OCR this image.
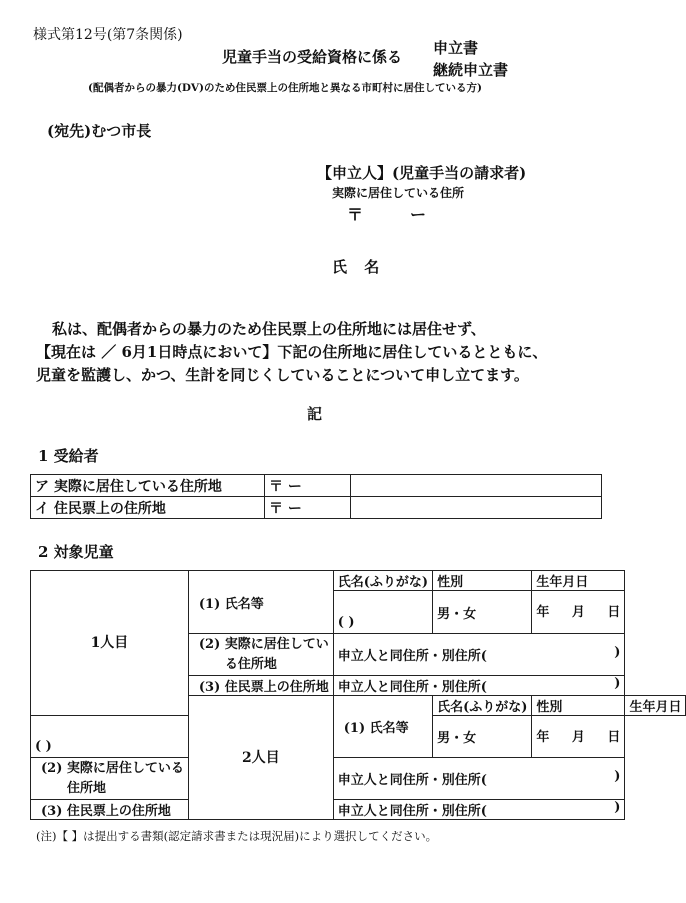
様式第12号(第7条関係)
児童手当の受給資格に係る 申立書
継続申立書
(配偶者からの暴力(DV)のため住民票上の住所地と異なる市町村に居住している方)
(宛先)むつ市長
【申立人】(児童手当の請求者)
実際に居住している住所
〒	ー
氏 名
私は、配偶者からの暴力のため住民票上の住所地には居住せず、
【現在は ／ 6月1日時点において】下記の住所地に居住しているとともに、
児童を監護し、かつ、生計を同じくしていることについて申し立てます。
記
1 受給者
ア 実際に居住している住所地	〒 ー	
イ 住民票上の住所地	〒 ー	
2 対象児童
1人目	(1) 氏名等	氏名(ふりがな)	性別	生年月日	
		( )	男・女	年 月 日	
	(2) 実際に居住してい
る住所地	申立人と同住所・別住所( )			

	(3) 住民票上の住所地	申立人と同住所・別住所( )			

	2人目	(1) 氏名等	氏名(ふりがな)	性別	生年月日
( )			男・女	年 月 日	
(2) 実際に居住している
住所地		申立人と同住所・別住所( )			

(3) 住民票上の住所地		申立人と同住所・別住所( )			
(注)【 】は提出する書類(認定請求書または現況届)により選択してください。
